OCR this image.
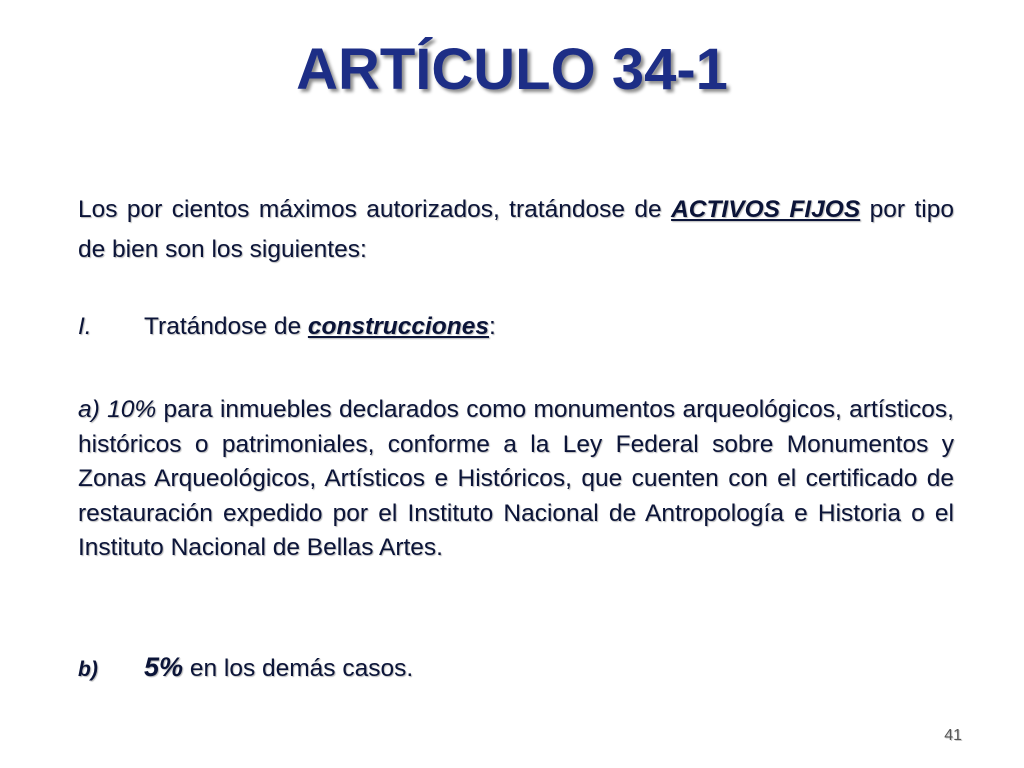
ARTÍCULO 34-1
Los por cientos máximos autorizados, tratándose de ACTIVOS FIJOS por tipo de bien son los siguientes:
I. Tratándose de construcciones:
a) 10% para inmuebles declarados como monumentos arqueológicos, artísticos, históricos o patrimoniales, conforme a la Ley Federal sobre Monumentos y Zonas Arqueológicos, Artísticos e Históricos, que cuenten con el certificado de restauración expedido por el Instituto Nacional de Antropología e Historia o el Instituto Nacional de Bellas Artes.
b) 5% en los demás casos.
41
